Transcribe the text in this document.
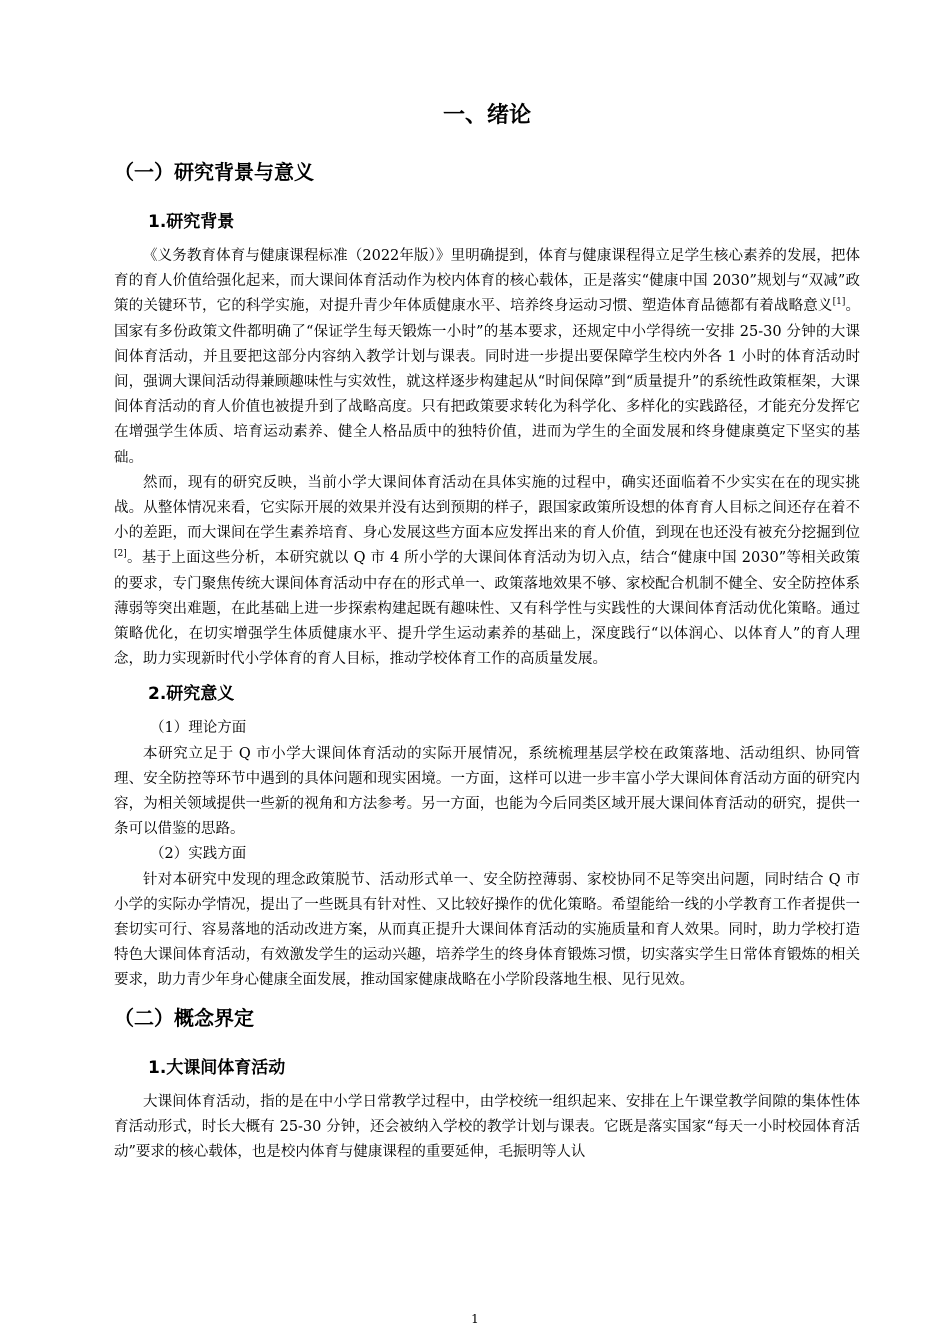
一、绪论
（一）研究背景与意义
1.研究背景

《义务教育体育与健康课程标准（2022年版）》里明确提到，体育与健康课程得立足学生核心素养的发展，把体育的育人价值给强化起来，而大课间体育活动作为校内体育的核心载体，正是落实“健康中国 2030”规划与“双减”政策的关键环节，它的科学实施，对提升青少年体质健康水平、培养终身运动习惯、塑造体育品德都有着战略意义[1]。国家有多份政策文件都明确了“保证学生每天锻炼一小时”的基本要求，还规定中小学得统一安排 25-30 分钟的大课间体育活动，并且要把这部分内容纳入教学计划与课表。同时进一步提出要保障学生校内外各 1 小时的体育活动时间，强调大课间活动得兼顾趣味性与实效性，就这样逐步构建起从“时间保障”到“质量提升”的系统性政策框架，大课间体育活动的育人价值也被提升到了战略高度。只有把政策要求转化为科学化、多样化的实践路径，才能充分发挥它在增强学生体质、培育运动素养、健全人格品质中的独特价值，进而为学生的全面发展和终身健康奠定下坚实的基础。

然而，现有的研究反映，当前小学大课间体育活动在具体实施的过程中，确实还面临着不少实实在在的现实挑战。从整体情况来看，它实际开展的效果并没有达到预期的样子，跟国家政策所设想的体育育人目标之间还存在着不小的差距，而大课间在学生素养培育、身心发展这些方面本应发挥出来的育人价值，到现在也还没有被充分挖掘到位[2]。基于上面这些分析，本研究就以 Q 市 4 所小学的大课间体育活动为切入点，结合“健康中国 2030”等相关政策的要求，专门聚焦传统大课间体育活动中存在的形式单一、政策落地效果不够、家校配合机制不健全、安全防控体系薄弱等突出难题，在此基础上进一步探索构建起既有趣味性、又有科学性与实践性的大课间体育活动优化策略。通过策略优化，在切实增强学生体质健康水平、提升学生运动素养的基础上，深度践行“以体润心、以体育人”的育人理念，助力实现新时代小学体育的育人目标，推动学校体育工作的高质量发展。

2.研究意义

（1）理论方面

本研究立足于 Q 市小学大课间体育活动的实际开展情况，系统梳理基层学校在政策落地、活动组织、协同管理、安全防控等环节中遇到的具体问题和现实困境。一方面，这样可以进一步丰富小学大课间体育活动方面的研究内容，为相关领域提供一些新的视角和方法参考。另一方面，也能为今后同类区域开展大课间体育活动的研究，提供一条可以借鉴的思路。

（2）实践方面

针对本研究中发现的理念政策脱节、活动形式单一、安全防控薄弱、家校协同不足等突出问题，同时结合 Q 市小学的实际办学情况，提出了一些既具有针对性、又比较好操作的优化策略。希望能给一线的小学教育工作者提供一套切实可行、容易落地的活动改进方案，从而真正提升大课间体育活动的实施质量和育人效果。同时，助力学校打造特色大课间体育活动，有效激发学生的运动兴趣，培养学生的终身体育锻炼习惯，切实落实学生日常体育锻炼的相关要求，助力青少年身心健康全面发展，推动国家健康战略在小学阶段落地生根、见行见效。

（二）概念界定
1.大课间体育活动

大课间体育活动，指的是在中小学日常教学过程中，由学校统一组织起来、安排在上午课堂教学间隙的集体性体育活动形式，时长大概有 25-30 分钟，还会被纳入学校的教学计划与课表。它既是落实国家“每天一小时校园体育活动”要求的核心载体，也是校内体育与健康课程的重要延伸，毛振明等人认

1
